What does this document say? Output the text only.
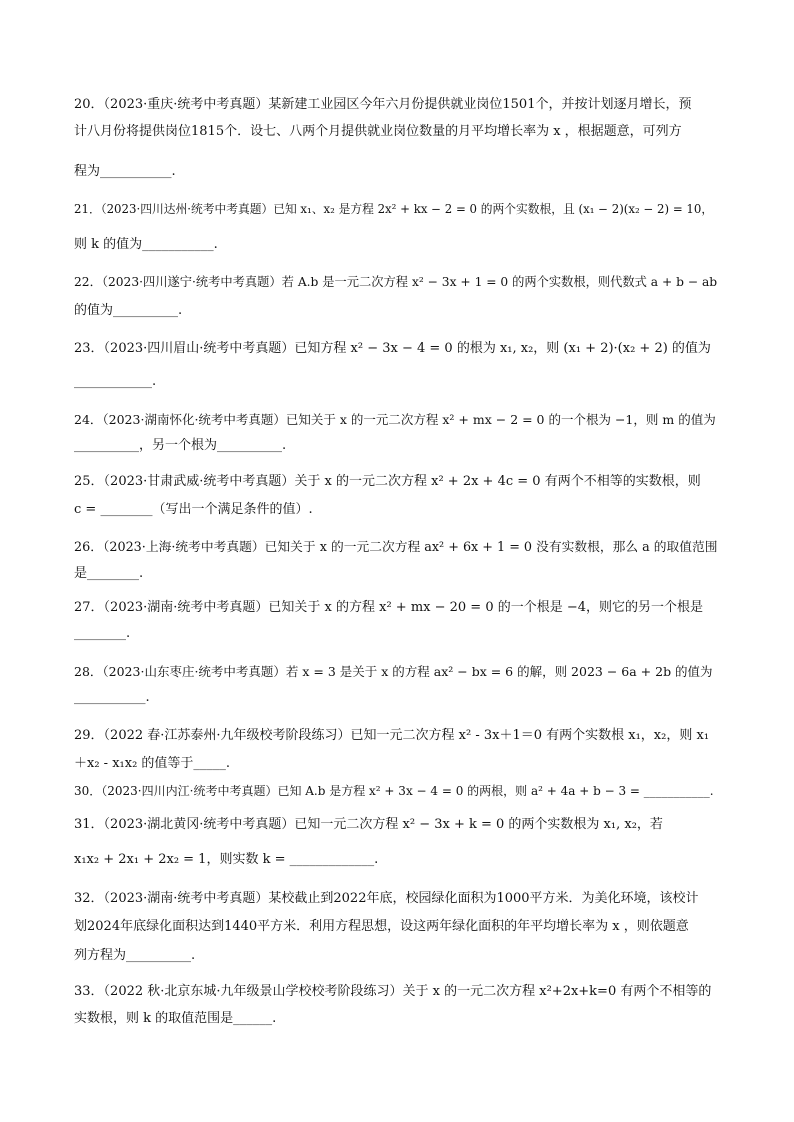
20．（2023·重庆·统考中考真题）某新建工业园区今年六月份提供就业岗位1501个，并按计划逐月增长，预
计八月份将提供岗位1815个．设七、八两个月提供就业岗位数量的月平均增长率为 x ，根据题意，可列方
程为___________.
21．（2023·四川达州·统考中考真题）已知 x₁、x₂ 是方程 2x² + kx − 2 = 0 的两个实数根，且 (x₁ − 2)(x₂ − 2) = 10，
则 k 的值为___________.
22．（2023·四川遂宁·统考中考真题）若 A.b 是一元二次方程 x² − 3x + 1 = 0 的两个实数根，则代数式 a + b − ab
的值为__________.
23．（2023·四川眉山·统考中考真题）已知方程 x² − 3x − 4 = 0 的根为 x₁, x₂，则 (x₁ + 2)·(x₂ + 2) 的值为
____________.
24．（2023·湖南怀化·统考中考真题）已知关于 x 的一元二次方程 x² + mx − 2 = 0 的一个根为 −1，则 m 的值为
__________，另一个根为__________.
25．（2023·甘肃武威·统考中考真题）关于 x 的一元二次方程 x² + 2x + 4c = 0 有两个不相等的实数根，则
c = ________（写出一个满足条件的值）.
26．（2023·上海·统考中考真题）已知关于 x 的一元二次方程 ax² + 6x + 1 = 0 没有实数根，那么 a 的取值范围
是________.
27．（2023·湖南·统考中考真题）已知关于 x 的方程 x² + mx − 20 = 0 的一个根是 −4，则它的另一个根是
________.
28．（2023·山东枣庄·统考中考真题）若 x = 3 是关于 x 的方程 ax² − bx = 6 的解，则 2023 − 6a + 2b 的值为
___________.
29．（2022 春·江苏泰州·九年级校考阶段练习）已知一元二次方程 x² - 3x＋1＝0 有两个实数根 x₁，x₂，则 x₁
＋x₂ - x₁x₂ 的值等于_____.
30．（2023·四川内江·统考中考真题）已知 A.b 是方程 x² + 3x − 4 = 0 的两根，则 a² + 4a + b − 3 = ___________.
31．（2023·湖北黄冈·统考中考真题）已知一元二次方程 x² − 3x + k = 0 的两个实数根为 x₁, x₂，若
x₁x₂ + 2x₁ + 2x₂ = 1，则实数 k = _____________.
32．（2023·湖南·统考中考真题）某校截止到2022年底，校园绿化面积为1000平方米．为美化环境，该校计
划2024年底绿化面积达到1440平方米．利用方程思想，设这两年绿化面积的年平均增长率为 x ，则依题意
列方程为__________.
33．（2022 秋·北京东城·九年级景山学校校考阶段练习）关于 x 的一元二次方程 x²+2x+k=0 有两个不相等的
实数根，则 k 的取值范围是______.
